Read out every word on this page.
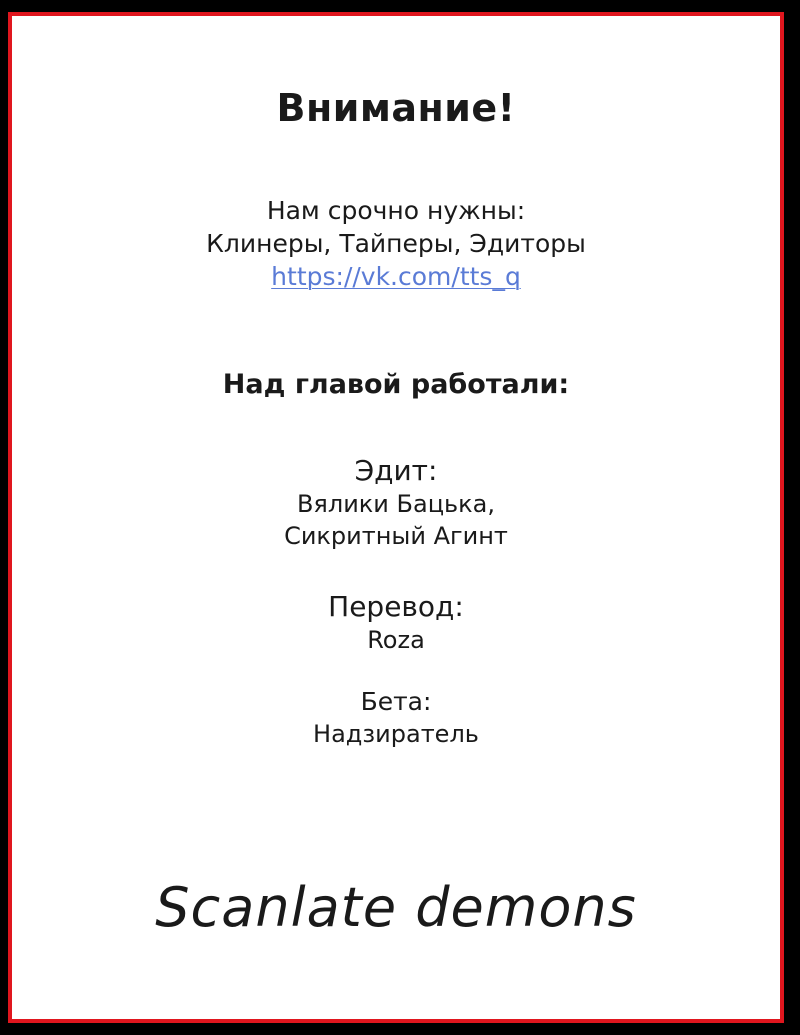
Внимание!
Нам срочно нужны:
Клинеры, Тайперы, Эдиторы
https://vk.com/tts_q
Над главой работали:
Эдит:
Вялики Бацька,
Сикритный Агинт
Перевод:
Roza
Бета:
Надзиратель
Scanlate demons
